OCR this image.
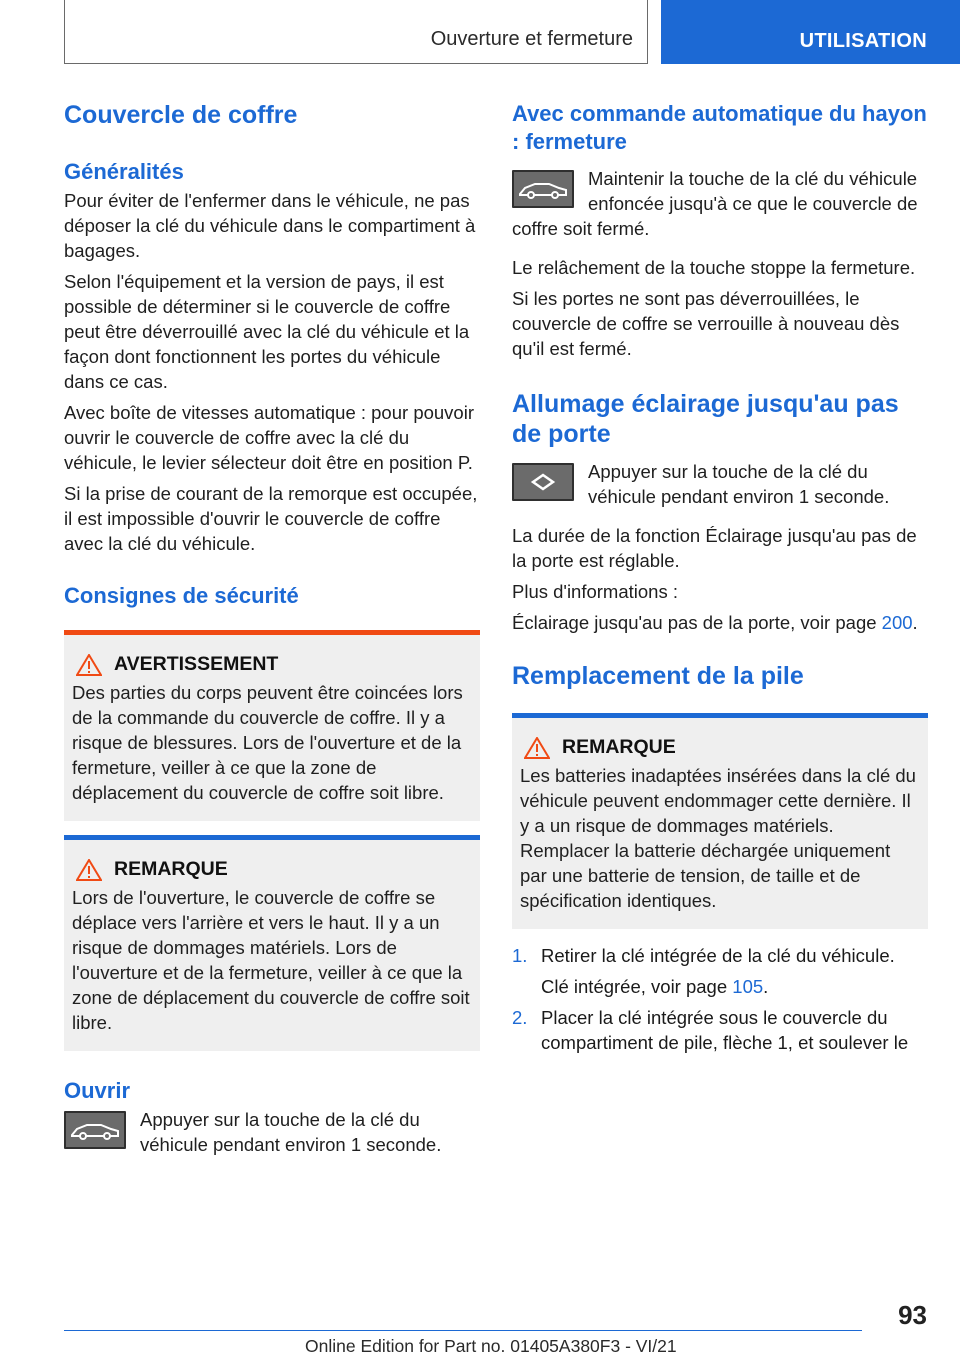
Ouverture et fermeture	UTILISATION
Couvercle de coffre
Généralités

Pour éviter de l'enfermer dans le véhicule, ne pas déposer la clé du véhicule dans le compartiment à bagages.

Selon l'équipement et la version de pays, il est possible de déterminer si le couvercle de coffre peut être déverrouillé avec la clé du véhicule et la façon dont fonctionnent les portes du véhicule dans ce cas.

Avec boîte de vitesses automatique : pour pouvoir ouvrir le couvercle de coffre avec la clé du véhicule, le levier sélecteur doit être en position P.

Si la prise de courant de la remorque est occupée, il est impossible d'ouvrir le couvercle de coffre avec la clé du véhicule.

Consignes de sécurité
AVERTISSEMENT

Des parties du corps peuvent être coincées lors de la commande du couvercle de coffre. Il y a risque de blessures. Lors de l'ouverture et de la fermeture, veiller à ce que la zone de déplacement du couvercle de coffre soit libre.

REMARQUE

Lors de l'ouverture, le couvercle de coffre se déplace vers l'arrière et vers le haut. Il y a un risque de dommages matériels. Lors de l'ouverture et de la fermeture, veiller à ce que la zone de déplacement du couvercle de coffre soit libre.

Ouvrir

Appuyer sur la touche de la clé du véhicule pendant environ 1 seconde.

Avec commande automatique du hayon : fermeture

Maintenir la touche de la clé du véhicule enfoncée jusqu'à ce que le couvercle de coffre soit fermé.

Le relâchement de la touche stoppe la fermeture.

Si les portes ne sont pas déverrouillées, le couvercle de coffre se verrouille à nouveau dès qu'il est fermé.

Allumage éclairage jusqu'au pas de porte

Appuyer sur la touche de la clé du véhicule pendant environ 1 seconde.

La durée de la fonction Éclairage jusqu'au pas de la porte est réglable.

Plus d'informations :

Éclairage jusqu'au pas de la porte, voir page 200.

Remplacement de la pile
REMARQUE

Les batteries inadaptées insérées dans la clé du véhicule peuvent endommager cette dernière. Il y a un risque de dommages matériels. Remplacer la batterie déchargée uniquement par une batterie de tension, de taille et de spécification identiques.

1. Retirer la clé intégrée de la clé du véhicule.
Clé intégrée, voir page 105.
2. Placer la clé intégrée sous le couvercle du compartiment de pile, flèche 1, et soulever le
93
Online Edition for Part no. 01405A380F3 - VI/21
